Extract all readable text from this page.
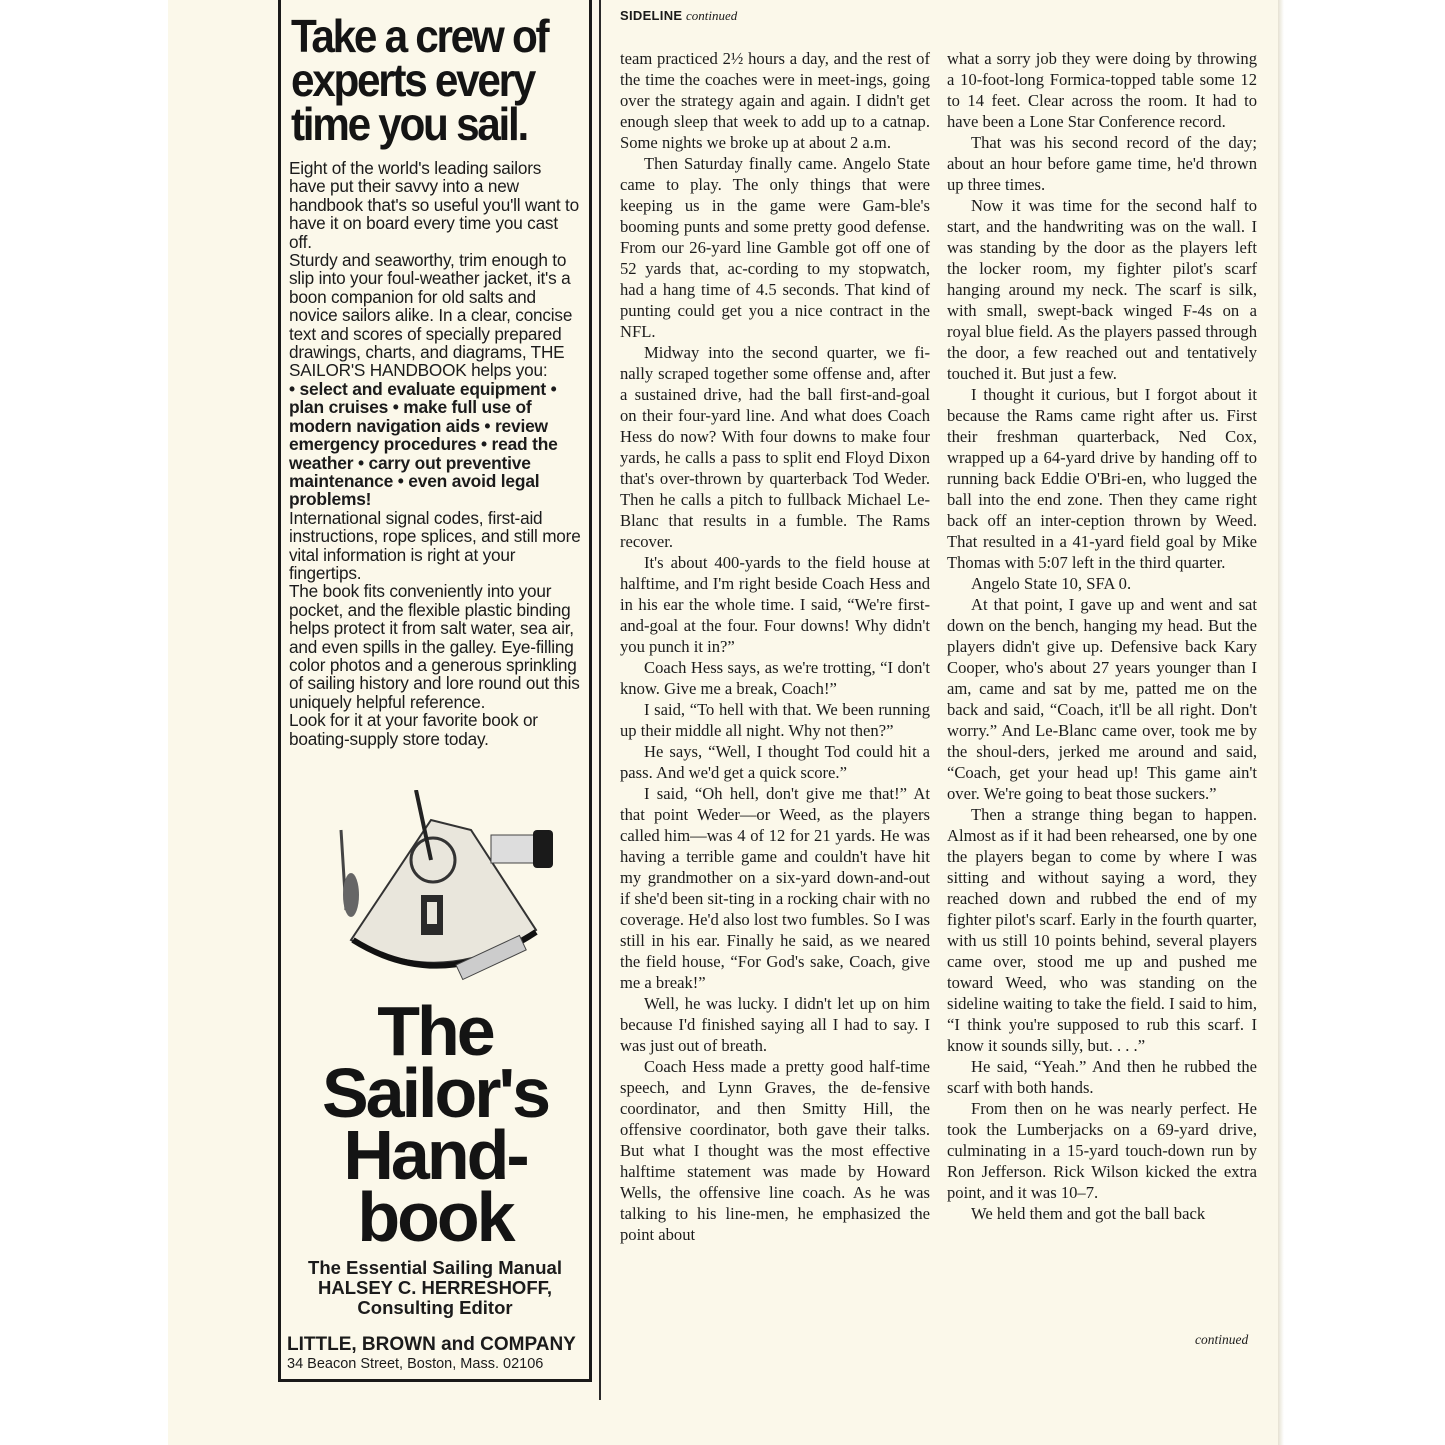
Take a crew of experts every time you sail.

Eight of the world's leading sailors have put their savvy into a new handbook that's so useful you'll want to have it on board every time you cast off.

Sturdy and seaworthy, trim enough to slip into your foul-weather jacket, it's a boon companion for old salts and novice sailors alike. In a clear, concise text and scores of specially prepared drawings, charts, and diagrams, THE SAILOR'S HANDBOOK helps you:

• select and evaluate equipment • plan cruises • make full use of modern navigation aids • review emergency procedures • read the weather • carry out preventive maintenance • even avoid legal problems!

International signal codes, first-aid instructions, rope splices, and still more vital information is right at your fingertips.

The book fits conveniently into your pocket, and the flexible plastic binding helps protect it from salt water, sea air, and even spills in the galley. Eye-filling color photos and a generous sprinkling of sailing history and lore round out this uniquely helpful reference.

Look for it at your favorite book or boating-supply store today.

The
Sailor's
Hand-
book
The Essential Sailing Manual
HALSEY C. HERRESHOFF,
Consulting Editor
LITTLE, BROWN and COMPANY
34 Beacon Street, Boston, Mass. 02106
SIDELINE continued

team practiced 2½ hours a day, and the rest of the time the coaches were in meet-ings, going over the strategy again and again. I didn't get enough sleep that week to add up to a catnap. Some nights we broke up at about 2 a.m.

Then Saturday finally came. Angelo State came to play. The only things that were keeping us in the game were Gam-ble's booming punts and some pretty good defense. From our 26-yard line Gamble got off one of 52 yards that, ac-cording to my stopwatch, had a hang time of 4.5 seconds. That kind of punting could get you a nice contract in the NFL.

Midway into the second quarter, we fi-nally scraped together some offense and, after a sustained drive, had the ball first-and-goal on their four-yard line. And what does Coach Hess do now? With four downs to make four yards, he calls a pass to split end Floyd Dixon that's over-thrown by quarterback Tod Weder. Then he calls a pitch to fullback Michael Le-Blanc that results in a fumble. The Rams recover.

It's about 400-yards to the field house at halftime, and I'm right beside Coach Hess and in his ear the whole time. I said, “We're first-and-goal at the four. Four downs! Why didn't you punch it in?”

Coach Hess says, as we're trotting, “I don't know. Give me a break, Coach!”

I said, “To hell with that. We been running up their middle all night. Why not then?”

He says, “Well, I thought Tod could hit a pass. And we'd get a quick score.”

I said, “Oh hell, don't give me that!” At that point Weder—or Weed, as the players called him—was 4 of 12 for 21 yards. He was having a terrible game and couldn't have hit my grandmother on a six-yard down-and-out if she'd been sit-ting in a rocking chair with no coverage. He'd also lost two fumbles. So I was still in his ear. Finally he said, as we neared the field house, “For God's sake, Coach, give me a break!”

Well, he was lucky. I didn't let up on him because I'd finished saying all I had to say. I was just out of breath.

Coach Hess made a pretty good half-time speech, and Lynn Graves, the de-fensive coordinator, and then Smitty Hill, the offensive coordinator, both gave their talks. But what I thought was the most effective halftime statement was made by Howard Wells, the offensive line coach. As he was talking to his line-men, he emphasized the point about

what a sorry job they were doing by throwing a 10-foot-long Formica-topped table some 12 to 14 feet. Clear across the room. It had to have been a Lone Star Conference record.

That was his second record of the day; about an hour before game time, he'd thrown up three times.

Now it was time for the second half to start, and the handwriting was on the wall. I was standing by the door as the players left the locker room, my fighter pilot's scarf hanging around my neck. The scarf is silk, with small, swept-back winged F-4s on a royal blue field. As the players passed through the door, a few reached out and tentatively touched it. But just a few.

I thought it curious, but I forgot about it because the Rams came right after us. First their freshman quarterback, Ned Cox, wrapped up a 64-yard drive by handing off to running back Eddie O'Bri-en, who lugged the ball into the end zone. Then they came right back off an inter-ception thrown by Weed. That resulted in a 41-yard field goal by Mike Thomas with 5:07 left in the third quarter.

Angelo State 10, SFA 0.

At that point, I gave up and went and sat down on the bench, hanging my head. But the players didn't give up. Defensive back Kary Cooper, who's about 27 years younger than I am, came and sat by me, patted me on the back and said, “Coach, it'll be all right. Don't worry.” And Le-Blanc came over, took me by the shoul-ders, jerked me around and said, “Coach, get your head up! This game ain't over. We're going to beat those suckers.”

Then a strange thing began to happen. Almost as if it had been rehearsed, one by one the players began to come by where I was sitting and without saying a word, they reached down and rubbed the end of my fighter pilot's scarf. Early in the fourth quarter, with us still 10 points behind, several players came over, stood me up and pushed me toward Weed, who was standing on the sideline waiting to take the field. I said to him, “I think you're supposed to rub this scarf. I know it sounds silly, but. . . .”

He said, “Yeah.” And then he rubbed the scarf with both hands.

From then on he was nearly perfect. He took the Lumberjacks on a 69-yard drive, culminating in a 15-yard touch-down run by Ron Jefferson. Rick Wilson kicked the extra point, and it was 10–7.

We held them and got the ball back

continued
